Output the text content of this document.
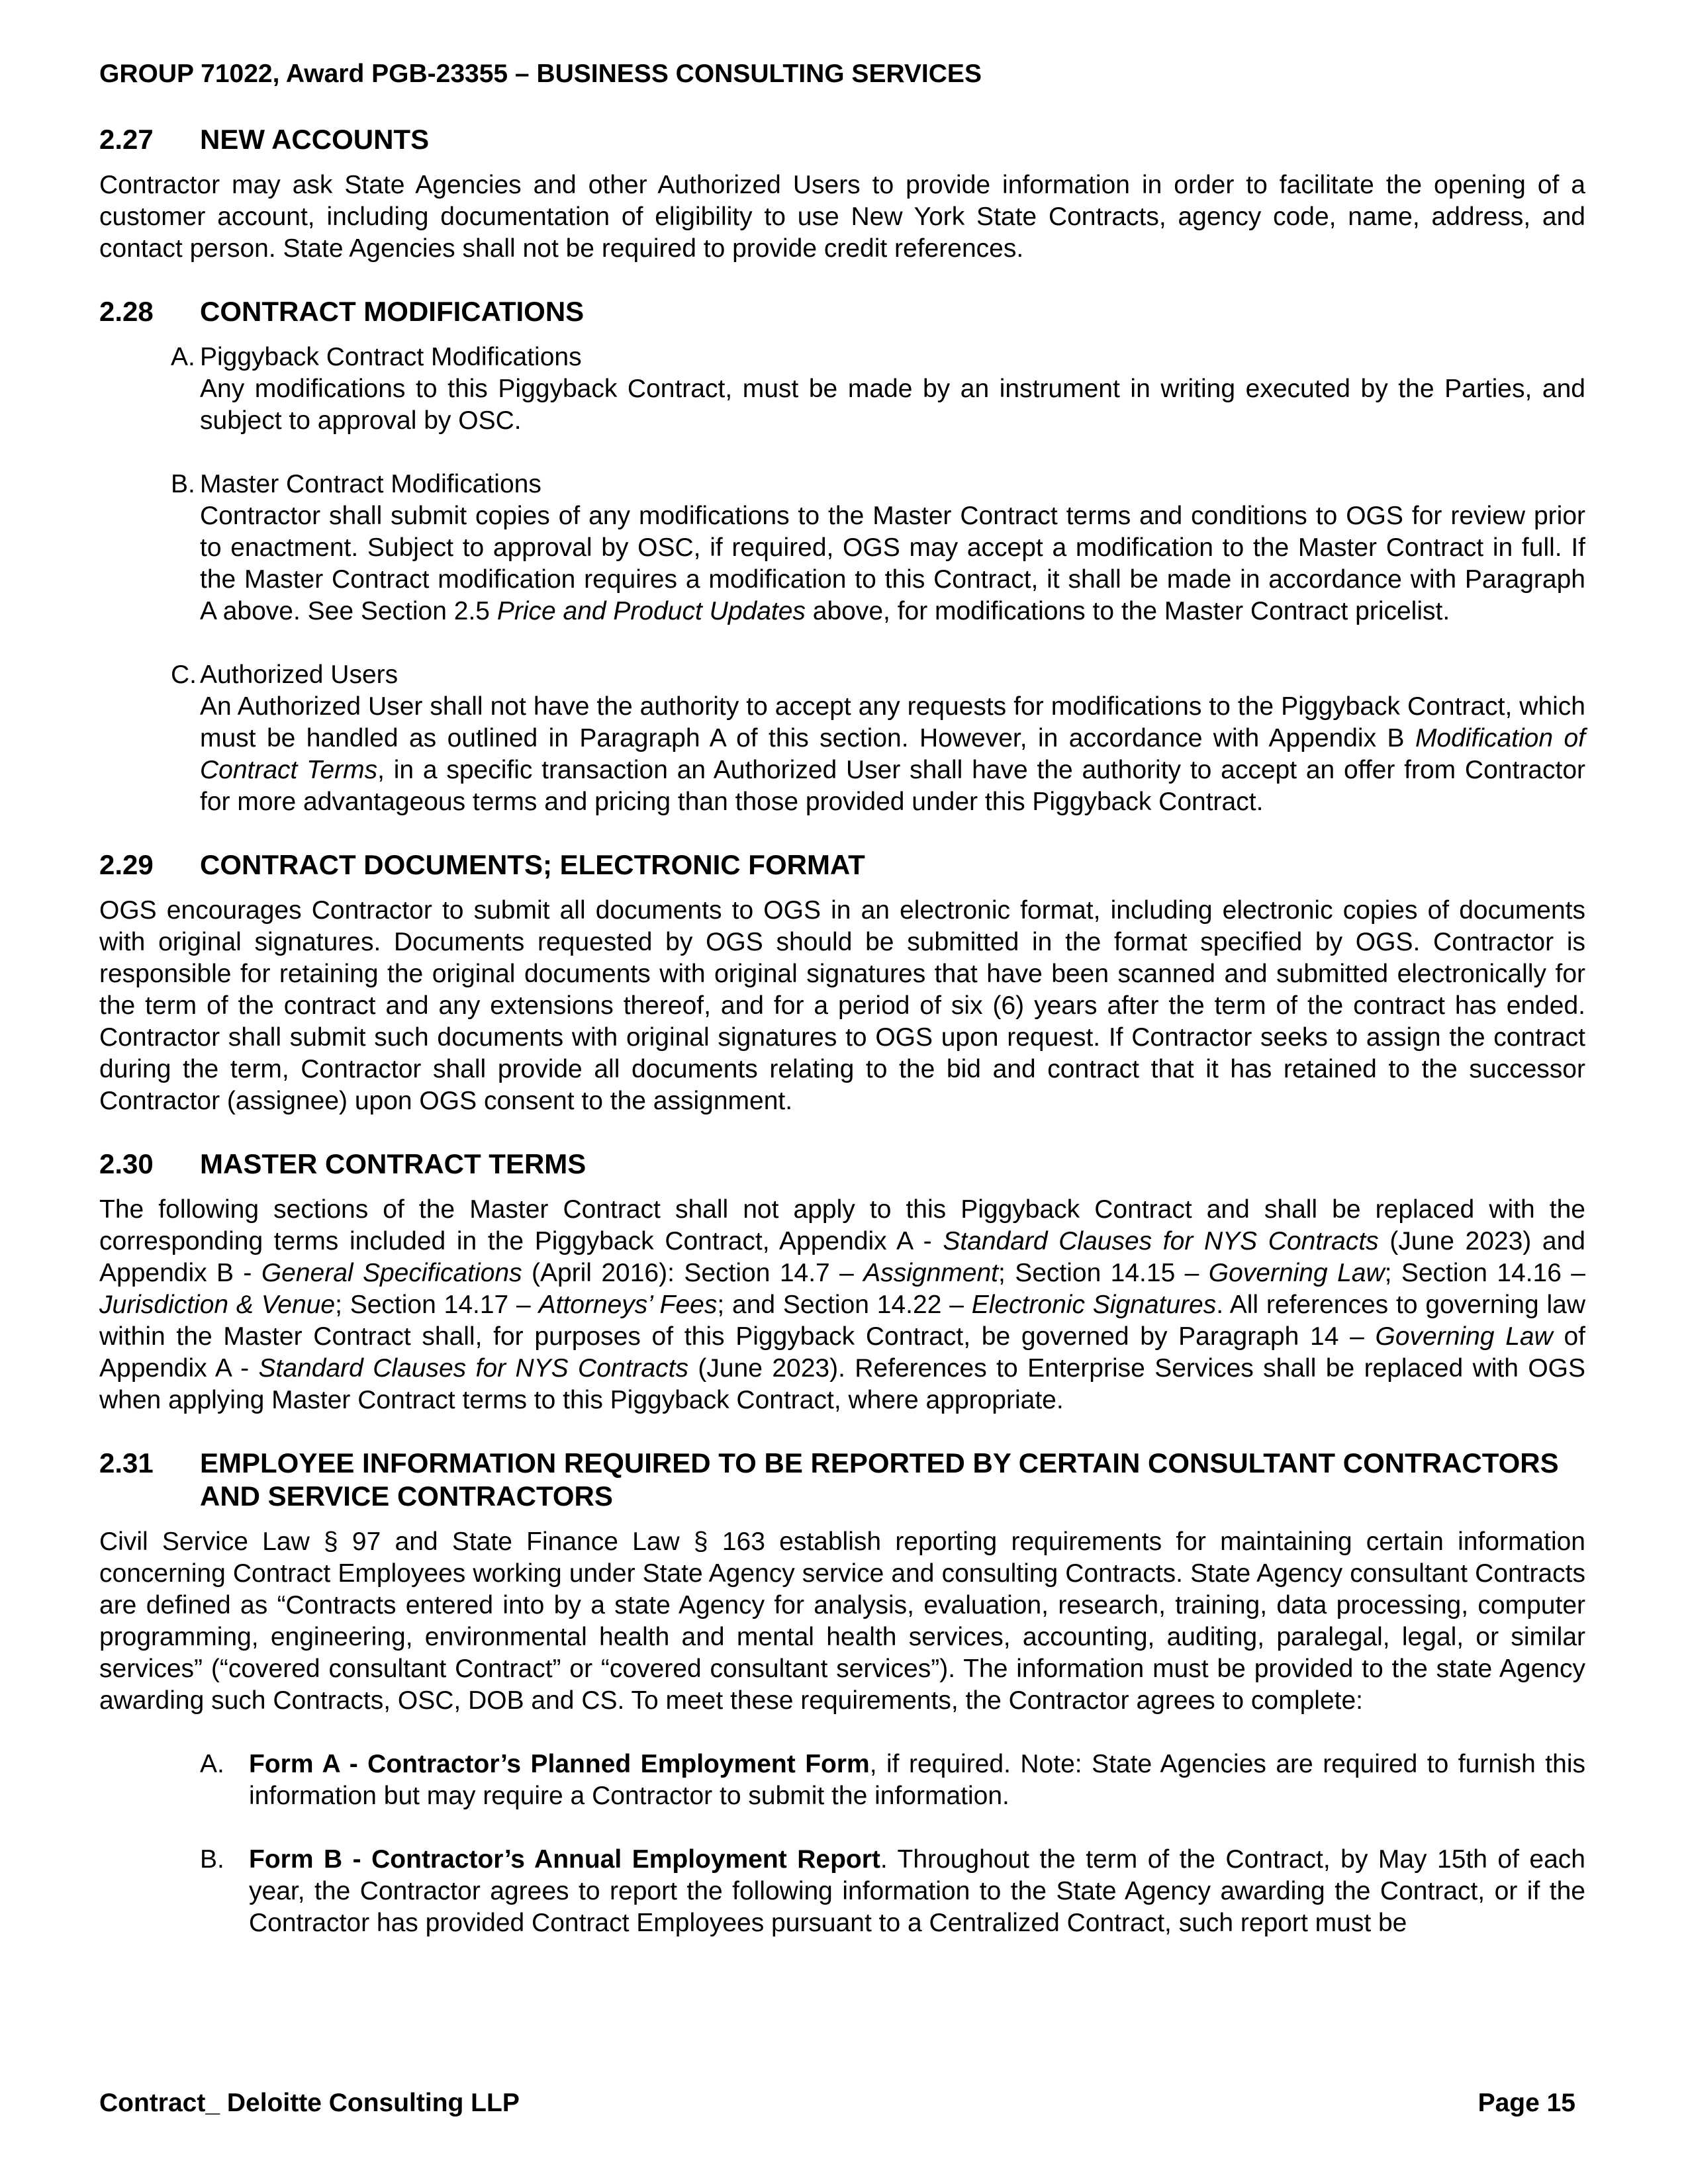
GROUP 71022, Award PGB-23355 – BUSINESS CONSULTING SERVICES
2.27	NEW ACCOUNTS

Contractor may ask State Agencies and other Authorized Users to provide information in order to facilitate the opening of a customer account, including documentation of eligibility to use New York State Contracts, agency code, name, address, and contact person. State Agencies shall not be required to provide credit references.

2.28	CONTRACT MODIFICATIONS
A. Piggyback Contract Modifications
Any modifications to this Piggyback Contract, must be made by an instrument in writing executed by the Parties, and subject to approval by OSC.
B. Master Contract Modifications
Contractor shall submit copies of any modifications to the Master Contract terms and conditions to OGS for review prior to enactment. Subject to approval by OSC, if required, OGS may accept a modification to the Master Contract in full. If the Master Contract modification requires a modification to this Contract, it shall be made in accordance with Paragraph A above. See Section 2.5 Price and Product Updates above, for modifications to the Master Contract pricelist.
C. Authorized Users
An Authorized User shall not have the authority to accept any requests for modifications to the Piggyback Contract, which must be handled as outlined in Paragraph A of this section. However, in accordance with Appendix B Modification of Contract Terms, in a specific transaction an Authorized User shall have the authority to accept an offer from Contractor for more advantageous terms and pricing than those provided under this Piggyback Contract.
2.29	CONTRACT DOCUMENTS; ELECTRONIC FORMAT

OGS encourages Contractor to submit all documents to OGS in an electronic format, including electronic copies of documents with original signatures. Documents requested by OGS should be submitted in the format specified by OGS. Contractor is responsible for retaining the original documents with original signatures that have been scanned and submitted electronically for the term of the contract and any extensions thereof, and for a period of six (6) years after the term of the contract has ended. Contractor shall submit such documents with original signatures to OGS upon request. If Contractor seeks to assign the contract during the term, Contractor shall provide all documents relating to the bid and contract that it has retained to the successor Contractor (assignee) upon OGS consent to the assignment.

2.30	MASTER CONTRACT TERMS

The following sections of the Master Contract shall not apply to this Piggyback Contract and shall be replaced with the corresponding terms included in the Piggyback Contract, Appendix A - Standard Clauses for NYS Contracts (June 2023) and Appendix B - General Specifications (April 2016): Section 14.7 – Assignment; Section 14.15 – Governing Law; Section 14.16 – Jurisdiction & Venue; Section 14.17 – Attorneys’ Fees; and Section 14.22 – Electronic Signatures. All references to governing law within the Master Contract shall, for purposes of this Piggyback Contract, be governed by Paragraph 14 – Governing Law of Appendix A - Standard Clauses for NYS Contracts (June 2023). References to Enterprise Services shall be replaced with OGS when applying Master Contract terms to this Piggyback Contract, where appropriate.

2.31	EMPLOYEE INFORMATION REQUIRED TO BE REPORTED BY CERTAIN CONSULTANT CONTRACTORS AND SERVICE CONTRACTORS

Civil Service Law § 97 and State Finance Law § 163 establish reporting requirements for maintaining certain information concerning Contract Employees working under State Agency service and consulting Contracts. State Agency consultant Contracts are defined as “Contracts entered into by a state Agency for analysis, evaluation, research, training, data processing, computer programming, engineering, environmental health and mental health services, accounting, auditing, paralegal, legal, or similar services” (“covered consultant Contract” or “covered consultant services”). The information must be provided to the state Agency awarding such Contracts, OSC, DOB and CS. To meet these requirements, the Contractor agrees to complete:

A. Form A - Contractor’s Planned Employment Form, if required. Note: State Agencies are required to furnish this information but may require a Contractor to submit the information.
B. Form B - Contractor’s Annual Employment Report. Throughout the term of the Contract, by May 15th of each year, the Contractor agrees to report the following information to the State Agency awarding the Contract, or if the Contractor has provided Contract Employees pursuant to a Centralized Contract, such report must be
Contract_ Deloitte Consulting LLP	Page 15
